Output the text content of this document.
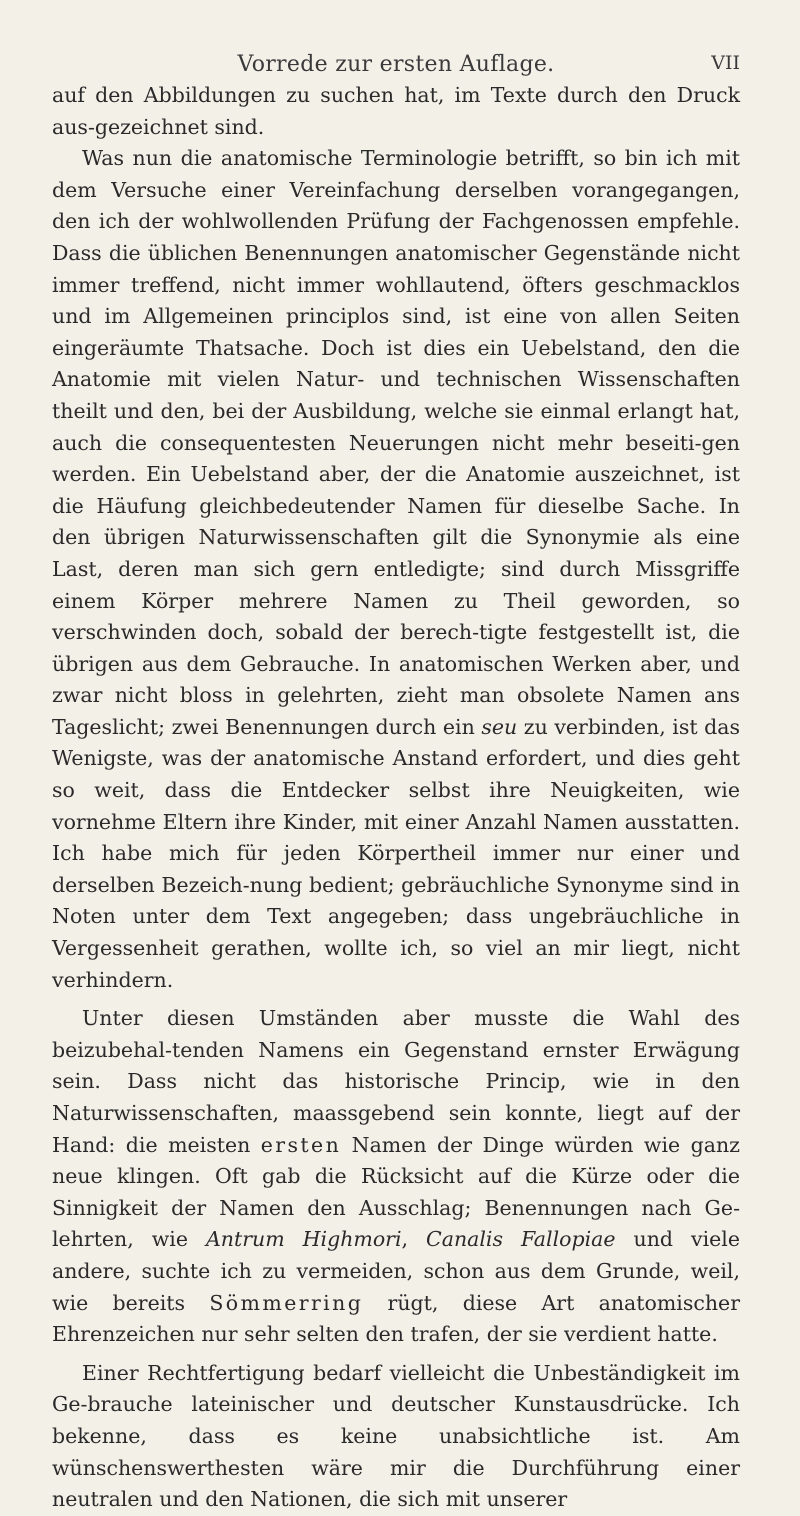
Vorrede zur ersten Auflage.	VII

auf den Abbildungen zu suchen hat, im Texte durch den Druck aus-gezeichnet sind.

Was nun die anatomische Terminologie betrifft, so bin ich mit dem Versuche einer Vereinfachung derselben vorangegangen, den ich der wohlwollenden Prüfung der Fachgenossen empfehle. Dass die üblichen Benennungen anatomischer Gegenstände nicht immer treffend, nicht immer wohllautend, öfters geschmacklos und im Allgemeinen principlos sind, ist eine von allen Seiten eingeräumte Thatsache. Doch ist dies ein Uebelstand, den die Anatomie mit vielen Natur- und technischen Wissenschaften theilt und den, bei der Ausbildung, welche sie einmal erlangt hat, auch die consequentesten Neuerungen nicht mehr beseiti-gen werden. Ein Uebelstand aber, der die Anatomie auszeichnet, ist die Häufung gleichbedeutender Namen für dieselbe Sache. In den übrigen Naturwissenschaften gilt die Synonymie als eine Last, deren man sich gern entledigte; sind durch Missgriffe einem Körper mehrere Namen zu Theil geworden, so verschwinden doch, sobald der berech-tigte festgestellt ist, die übrigen aus dem Gebrauche. In anatomischen Werken aber, und zwar nicht bloss in gelehrten, zieht man obsolete Namen ans Tageslicht; zwei Benennungen durch ein seu zu verbinden, ist das Wenigste, was der anatomische Anstand erfordert, und dies geht so weit, dass die Entdecker selbst ihre Neuigkeiten, wie vornehme Eltern ihre Kinder, mit einer Anzahl Namen ausstatten. Ich habe mich für jeden Körpertheil immer nur einer und derselben Bezeich-nung bedient; gebräuchliche Synonyme sind in Noten unter dem Text angegeben; dass ungebräuchliche in Vergessenheit gerathen, wollte ich, so viel an mir liegt, nicht verhindern.

Unter diesen Umständen aber musste die Wahl des beizubehal-tenden Namens ein Gegenstand ernster Erwägung sein. Dass nicht das historische Princip, wie in den Naturwissenschaften, maassgebend sein konnte, liegt auf der Hand: die meisten ersten Namen der Dinge würden wie ganz neue klingen. Oft gab die Rücksicht auf die Kürze oder die Sinnigkeit der Namen den Ausschlag; Benennungen nach Ge-lehrten, wie Antrum Highmori, Canalis Fallopiae und viele andere, suchte ich zu vermeiden, schon aus dem Grunde, weil, wie bereits Sömmerring rügt, diese Art anatomischer Ehrenzeichen nur sehr selten den trafen, der sie verdient hatte.

Einer Rechtfertigung bedarf vielleicht die Unbeständigkeit im Ge-brauche lateinischer und deutscher Kunstausdrücke. Ich bekenne, dass es keine unabsichtliche ist. Am wünschenswerthesten wäre mir die Durchführung einer neutralen und den Nationen, die sich mit unserer
